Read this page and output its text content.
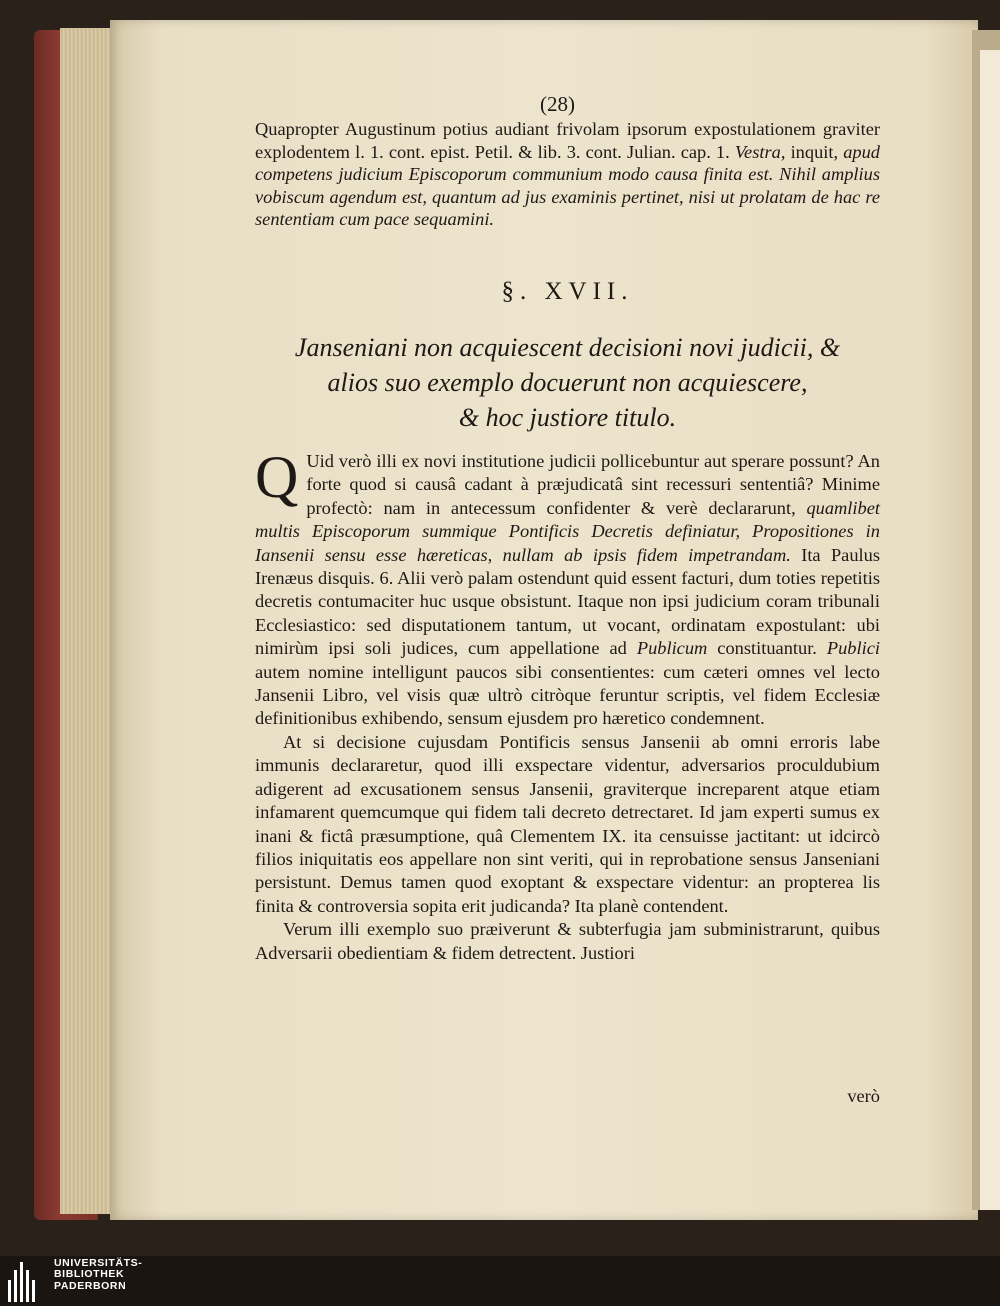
(28)
Quapropter Augustinum potius audiant frivolam ipsorum expostulationem graviter explodentem l. 1. cont. epist. Petil. & lib. 3. cont. Julian. cap. 1. Vestra, inquit, apud competens judicium Episcoporum communium modo causa finita est. Nihil amplius vobiscum agendum est, quantum ad jus examinis pertinet, nisi ut prolatam de hac re sententiam cum pace sequamini.
§. XVII.
Janseniani non acquiescent decisioni novi judicii, &
alios suo exemplo docuerunt non acquiescere,
& hoc justiore titulo.

Q Uid verò illi ex novi institutione judicii pollicebuntur aut sperare possunt? An forte quod si causâ cadant à præjudicatâ sint recessuri sententiâ? Minime profectò: nam in antecessum confidenter & verè declararunt, quamlibet multis Episcoporum summique Pontificis Decretis definiatur, Propositiones in Iansenii sensu esse hæreticas, nullam ab ipsis fidem impetrandam. Ita Paulus Irenæus disquis. 6. Alii verò palam ostendunt quid essent facturi, dum toties repetitis decretis contumaciter huc usque obsistunt. Itaque non ipsi judicium coram tribunali Ecclesiastico: sed disputationem tantum, ut vocant, ordinatam expostulant: ubi nimirùm ipsi soli judices, cum appellatione ad Publicum constituantur. Publici autem nomine intelligunt paucos sibi consentientes: cum cæteri omnes vel lecto Jansenii Libro, vel visis quæ ultrò citròque feruntur scriptis, vel fidem Ecclesiæ definitionibus exhibendo, sensum ejusdem pro hæretico condemnent.

At si decisione cujusdam Pontificis sensus Jansenii ab omni erroris labe immunis declararetur, quod illi exspectare videntur, adversarios proculdubium adigerent ad excusationem sensus Jansenii, graviterque increparent atque etiam infamarent quemcumque qui fidem tali decreto detrectaret. Id jam experti sumus ex inani & fictâ præsumptione, quâ Clementem IX. ita censuisse jactitant: ut idcircò filios iniquitatis eos appellare non sint veriti, qui in reprobatione sensus Janseniani persistunt. Demus tamen quod exoptant & exspectare videntur: an propterea lis finita & controversia sopita erit judicanda? Ita planè contendent.

Verum illi exemplo suo præiverunt & subterfugia jam subministrarunt, quibus Adversarii obedientiam & fidem detrectent. Justiori

verò
UNIVERSITÄTS-
BIBLIOTHEK
PADERBORN
